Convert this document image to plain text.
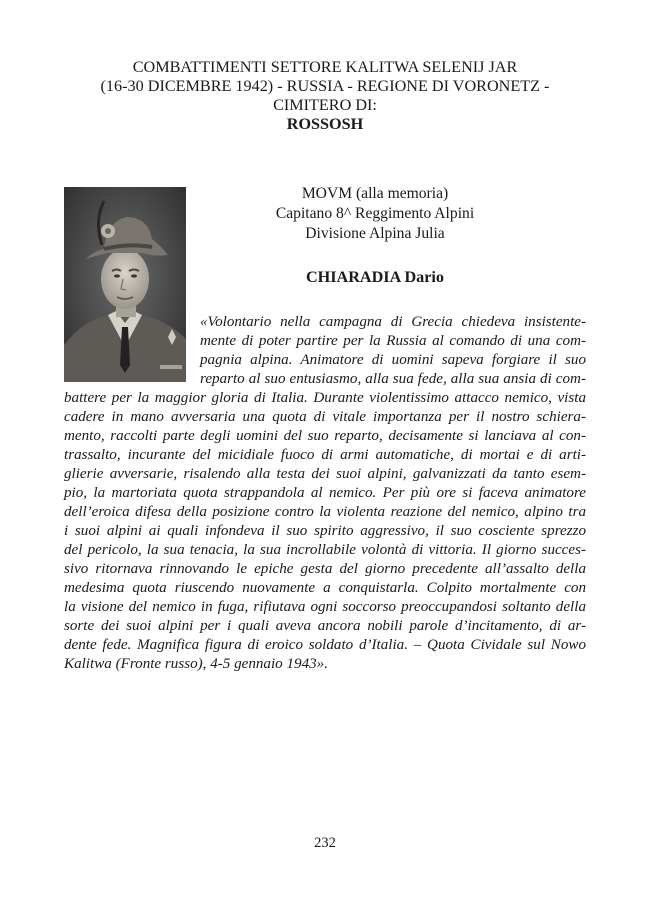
COMBATTIMENTI SETTORE KALITWA SELENIJ JAR
(16-30 DICEMBRE 1942) - RUSSIA - REGIONE DI VORONETZ -
CIMITERO DI:
ROSSOSH
MOVM (alla memoria)
Capitano 8^ Reggimento Alpini
Divisione Alpina Julia
CHIARADIA Dario
«Volontario nella campagna di Grecia chiedeva insistente-
mente di poter partire per la Russia al comando di una com-
pagnia alpina. Animatore di uomini sapeva forgiare il suo
reparto al suo entusiasmo, alla sua fede, alla sua ansia di com-
battere per la maggior gloria di Italia. Durante violentissimo attacco nemico, vista
cadere in mano avversaria una quota di vitale importanza per il nostro schiera-
mento, raccolti parte degli uomini del suo reparto, decisamente si lanciava al con-
trassalto, incurante del micidiale fuoco di armi automatiche, di mortai e di arti-
glierie avversarie, risalendo alla testa dei suoi alpini, galvanizzati da tanto esem-
pio, la martoriata quota strappandola al nemico. Per più ore si faceva animatore
dell’eroica difesa della posizione contro la violenta reazione del nemico, alpino tra
i suoi alpini ai quali infondeva il suo spirito aggressivo, il suo cosciente sprezzo
del pericolo, la sua tenacia, la sua incrollabile volontà di vittoria. Il giorno succes-
sivo ritornava rinnovando le epiche gesta del giorno precedente all’assalto della
medesima quota riuscendo nuovamente a conquistarla. Colpito mortalmente con
la visione del nemico in fuga, rifiutava ogni soccorso preoccupandosi soltanto della
sorte dei suoi alpini per i quali aveva ancora nobili parole d’incitamento, di ar-
dente fede. Magnifica figura di eroico soldato d’Italia. – Quota Cividale sul Nowo
Kalitwa (Fronte russo), 4-5 gennaio 1943».
232
